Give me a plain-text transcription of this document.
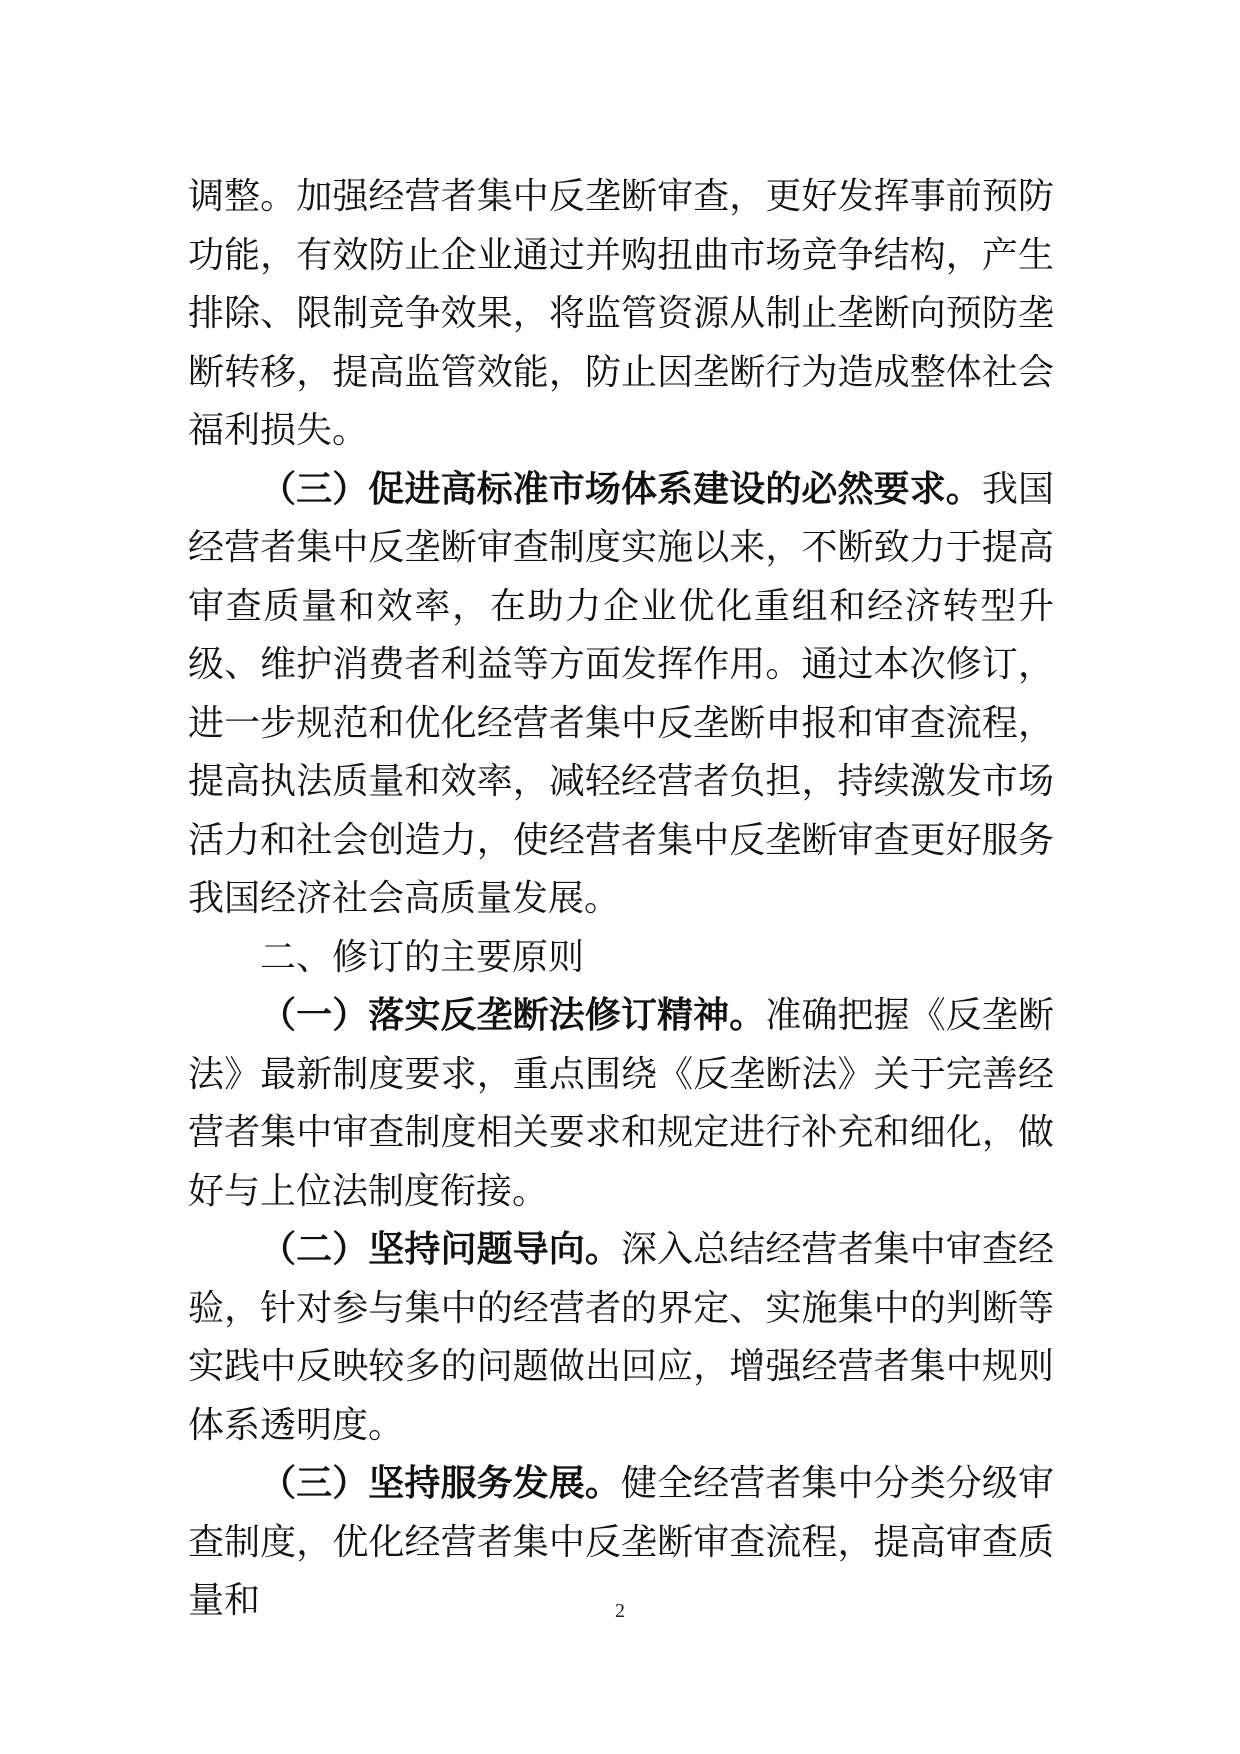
调整。加强经营者集中反垄断审查，更好发挥事前预防功能，有效防止企业通过并购扭曲市场竞争结构，产生排除、限制竞争效果，将监管资源从制止垄断向预防垄断转移，提高监管效能，防止因垄断行为造成整体社会福利损失。

（三）促进高标准市场体系建设的必然要求。我国经营者集中反垄断审查制度实施以来，不断致力于提高审查质量和效率，在助力企业优化重组和经济转型升级、维护消费者利益等方面发挥作用。通过本次修订，进一步规范和优化经营者集中反垄断申报和审查流程，提高执法质量和效率，减轻经营者负担，持续激发市场活力和社会创造力，使经营者集中反垄断审查更好服务我国经济社会高质量发展。

二、修订的主要原则

（一）落实反垄断法修订精神。准确把握《反垄断法》最新制度要求，重点围绕《反垄断法》关于完善经营者集中审查制度相关要求和规定进行补充和细化，做好与上位法制度衔接。

（二）坚持问题导向。深入总结经营者集中审查经验，针对参与集中的经营者的界定、实施集中的判断等实践中反映较多的问题做出回应，增强经营者集中规则体系透明度。

（三）坚持服务发展。健全经营者集中分类分级审查制度，优化经营者集中反垄断审查流程，提高审查质量和	2
